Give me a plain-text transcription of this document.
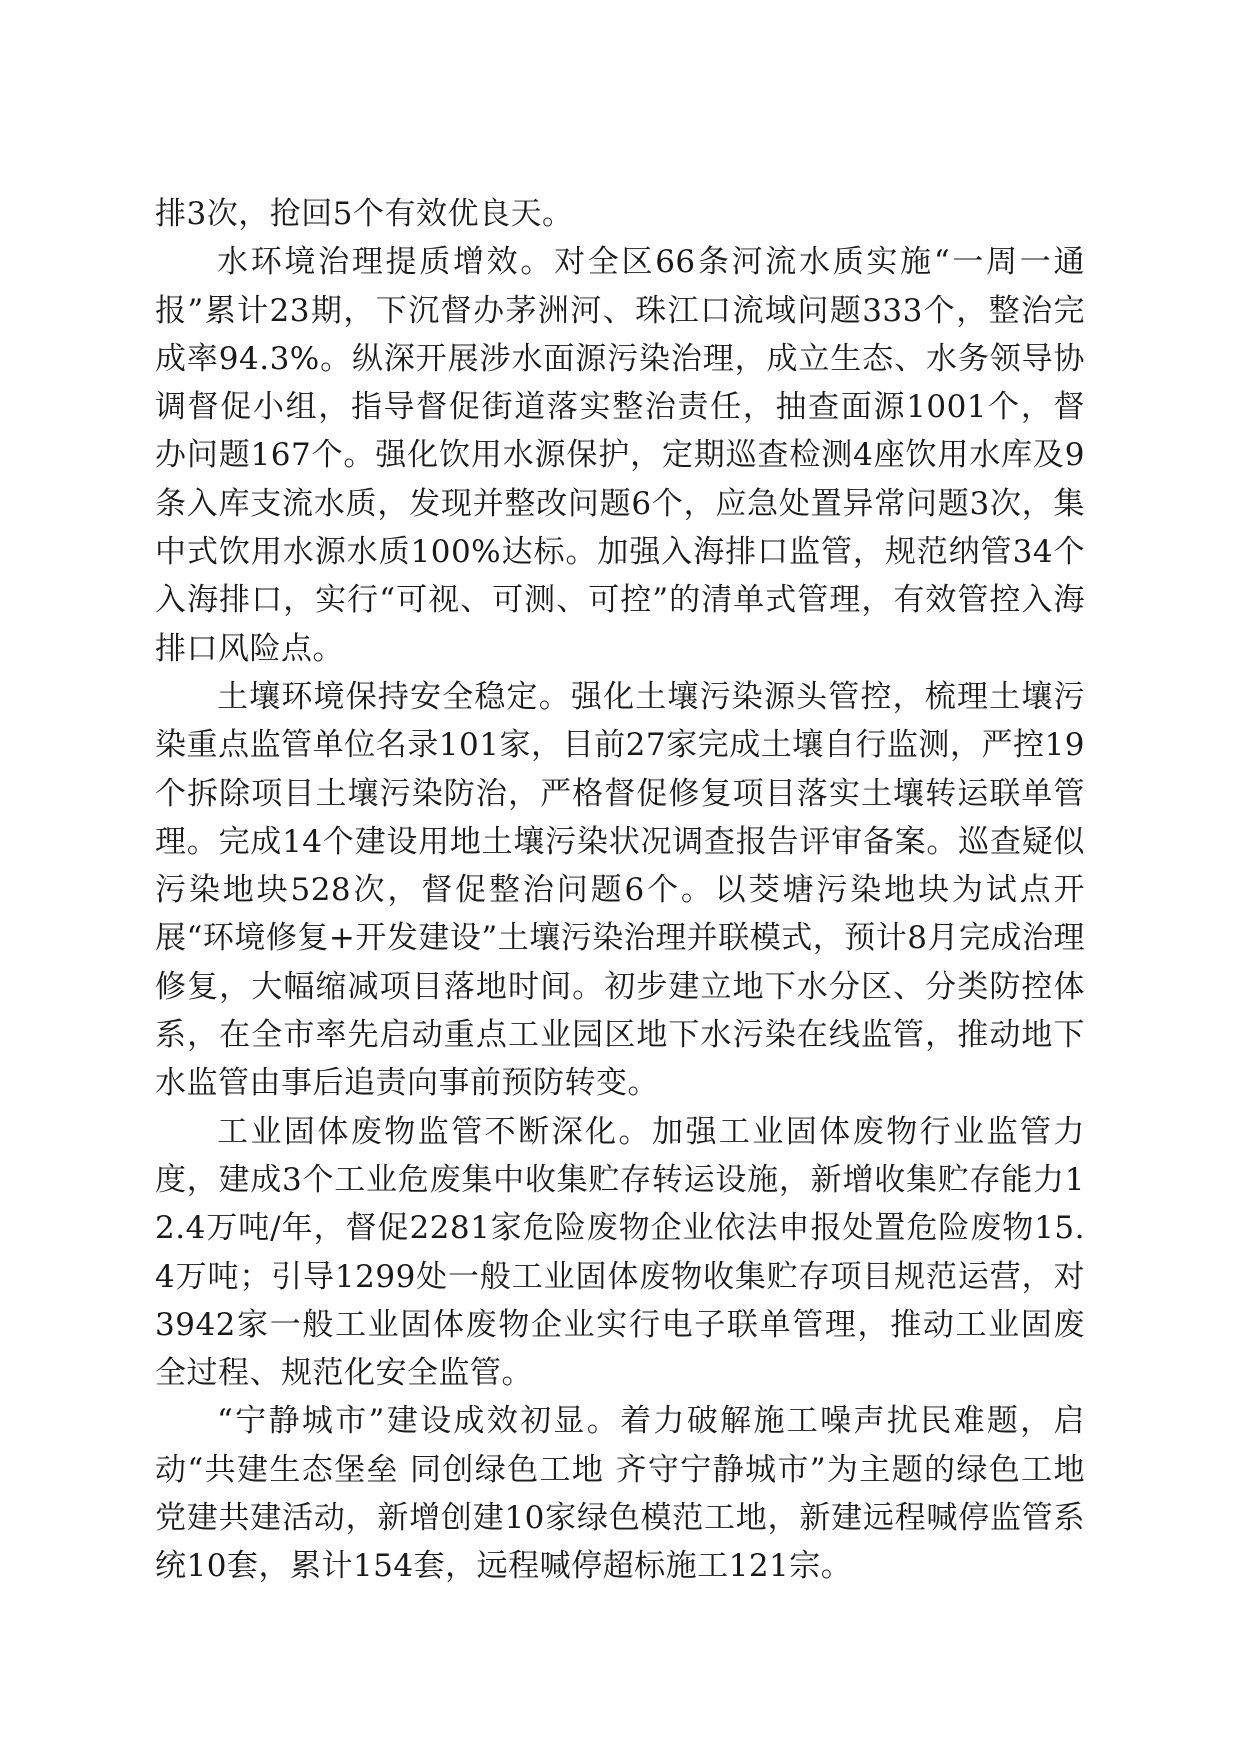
排3次，抢回5个有效优良天。

水环境治理提质增效。对全区66条河流水质实施“一周一通报”累计23期，下沉督办茅洲河、珠江口流域问题333个，整治完成率94.3%。纵深开展涉水面源污染治理，成立生态、水务领导协调督促小组，指导督促街道落实整治责任，抽查面源1001个，督办问题167个。强化饮用水源保护，定期巡查检测4座饮用水库及9条入库支流水质，发现并整改问题6个，应急处置异常问题3次，集中式饮用水源水质100%达标。加强入海排口监管，规范纳管34个入海排口，实行“可视、可测、可控”的清单式管理，有效管控入海排口风险点。

土壤环境保持安全稳定。强化土壤污染源头管控，梳理土壤污染重点监管单位名录101家，目前27家完成土壤自行监测，严控19个拆除项目土壤污染防治，严格督促修复项目落实土壤转运联单管理。完成14个建设用地土壤污染状况调查报告评审备案。巡查疑似污染地块528次，督促整治问题6个。以茭塘污染地块为试点开展“环境修复+开发建设”土壤污染治理并联模式，预计8月完成治理修复，大幅缩减项目落地时间。初步建立地下水分区、分类防控体系，在全市率先启动重点工业园区地下水污染在线监管，推动地下水监管由事后追责向事前预防转变。

工业固体废物监管不断深化。加强工业固体废物行业监管力度，建成3个工业危废集中收集贮存转运设施，新增收集贮存能力12.4万吨/年，督促2281家危险废物企业依法申报处置危险废物15.4万吨；引导1299处一般工业固体废物收集贮存项目规范运营，对3942家一般工业固体废物企业实行电子联单管理，推动工业固废全过程、规范化安全监管。

“宁静城市”建设成效初显。着力破解施工噪声扰民难题，启动“共建生态堡垒 同创绿色工地 齐守宁静城市”为主题的绿色工地党建共建活动，新增创建10家绿色模范工地，新建远程喊停监管系统10套，累计154套，远程喊停超标施工121宗。
